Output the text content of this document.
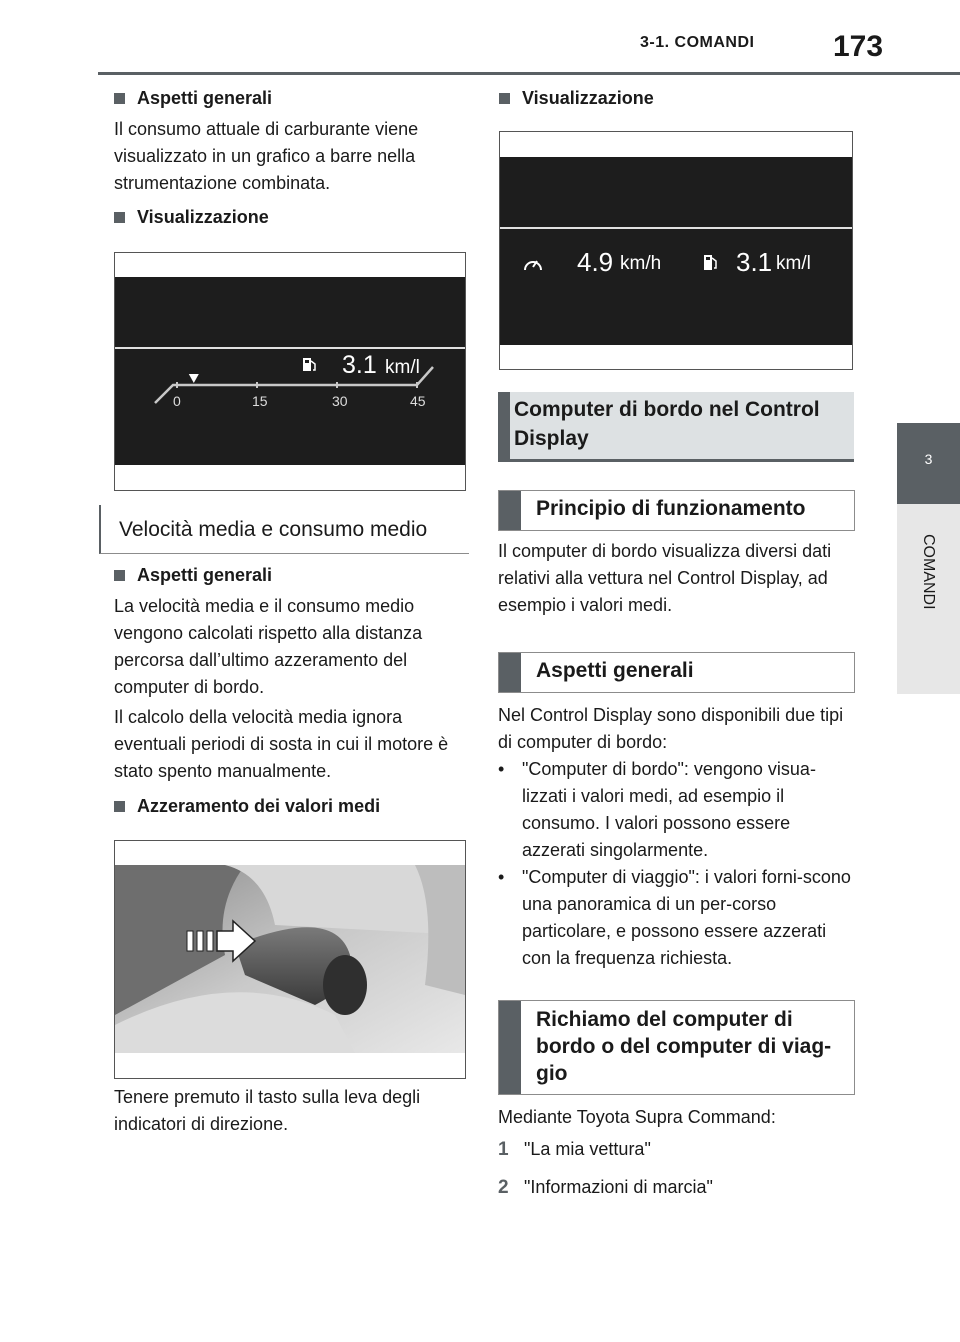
3-1. COMANDI	173
3
COMANDI
Aspetti generali
Il consumo attuale di carburante viene visualizzato in un grafico a barre nella strumentazione combinata.
Visualizzazione
3.1 km/l
0	15	30	45
Velocità media e consumo medio
Aspetti generali
La velocità media e il consumo medio vengono calcolati rispetto alla distanza percorsa dall’ultimo azzeramento del computer di bordo.
Il calcolo della velocità media ignora eventuali periodi di sosta in cui il motore è stato spento manualmente.
Azzeramento dei valori medi
Tenere premuto il tasto sulla leva degli indicatori di direzione.
Visualizzazione
4.9 km/h	3.1 km/l
Computer di bordo nel Control Display
Principio di funzionamento
Il computer di bordo visualizza diversi dati relativi alla vettura nel Control Display, ad esempio i valori medi.
Aspetti generali
Nel Control Display sono disponibili due tipi di computer di bordo:
• "Computer di bordo": vengono visua-lizzati i valori medi, ad esempio il consumo. I valori possono essere azzerati singolarmente.
• "Computer di viaggio": i valori forni-scono una panoramica di un per-corso particolare, e possono essere azzerati con la frequenza richiesta.
Richiamo del computer di bordo o del computer di viag-gio
Mediante Toyota Supra Command:
1 "La mia vettura"
2 "Informazioni di marcia"
